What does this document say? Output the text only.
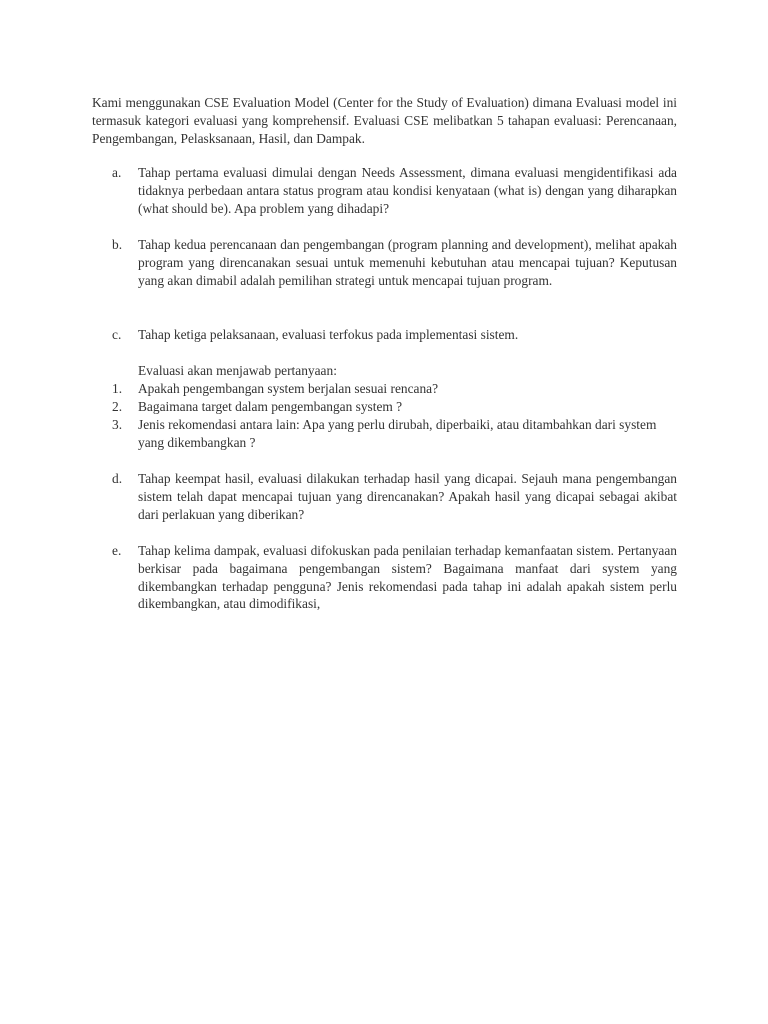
Kami menggunakan CSE Evaluation Model (Center for the Study of Evaluation) dimana Evaluasi model ini termasuk kategori evaluasi yang komprehensif. Evaluasi CSE melibatkan 5 tahapan evaluasi: Perencanaan, Pengembangan, Pelasksanaan, Hasil, dan Dampak.

a. Tahap pertama evaluasi dimulai dengan Needs Assessment, dimana evaluasi mengidentifikasi ada tidaknya perbedaan antara status program atau kondisi kenyataan (what is) dengan yang diharapkan (what should be). Apa problem yang dihadapi?
b. Tahap kedua perencanaan dan pengembangan (program planning and development), melihat apakah program yang direncanakan sesuai untuk memenuhi kebutuhan atau mencapai tujuan? Keputusan yang akan dimabil adalah pemilihan strategi untuk mencapai tujuan program.
c. Tahap ketiga pelaksanaan, evaluasi terfokus pada implementasi sistem.
Evaluasi akan menjawab pertanyaan:
1. Apakah pengembangan system berjalan sesuai rencana?
2. Bagaimana target dalam pengembangan system ?
3. Jenis rekomendasi antara lain: Apa yang perlu dirubah, diperbaiki, atau ditambahkan dari system yang dikembangkan ?
d. Tahap keempat hasil, evaluasi dilakukan terhadap hasil yang dicapai. Sejauh mana pengembangan sistem telah dapat mencapai tujuan yang direncanakan? Apakah hasil yang dicapai sebagai akibat dari perlakuan yang diberikan?
e. Tahap kelima dampak, evaluasi difokuskan pada penilaian terhadap kemanfaatan sistem. Pertanyaan berkisar pada bagaimana pengembangan sistem? Bagaimana manfaat dari system yang dikembangkan terhadap pengguna? Jenis rekomendasi pada tahap ini adalah apakah sistem perlu dikembangkan, atau dimodifikasi,
